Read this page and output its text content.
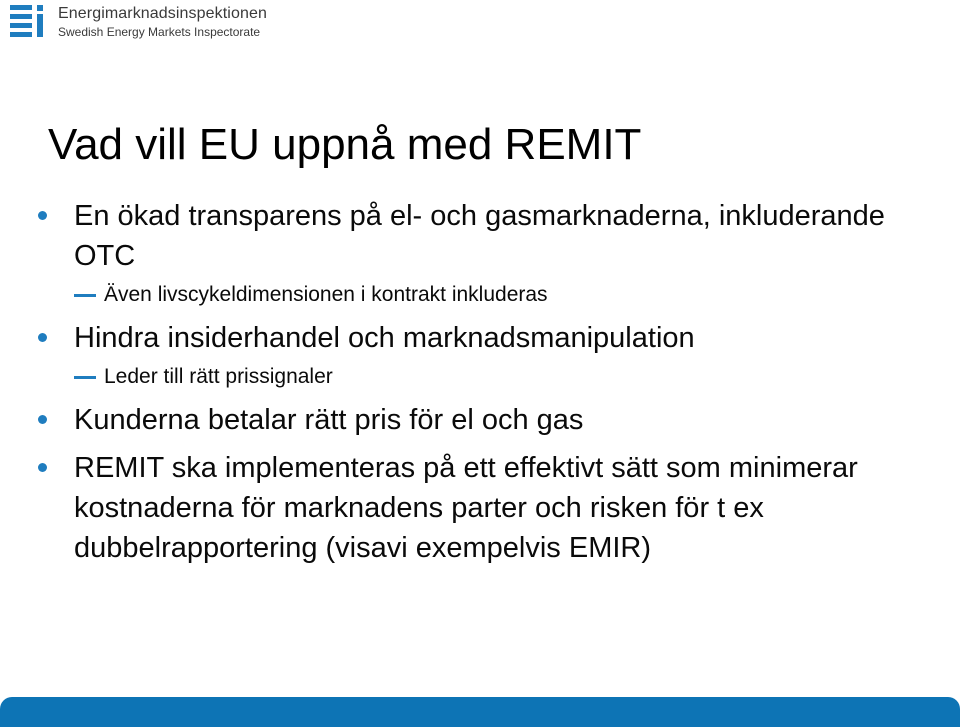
Energimarknadsinspektionen
Swedish Energy Markets Inspectorate
Vad vill EU uppnå med REMIT
En ökad transparens på el- och gasmarknaderna, inkluderande OTC
Även livscykeldimensionen i kontrakt inkluderas
Hindra insiderhandel och marknadsmanipulation
Leder till rätt prissignaler
Kunderna betalar rätt pris för el och gas
REMIT ska implementeras på ett effektivt sätt som minimerar kostnaderna för marknadens parter och risken för t ex dubbelrapportering (visavi exempelvis EMIR)
